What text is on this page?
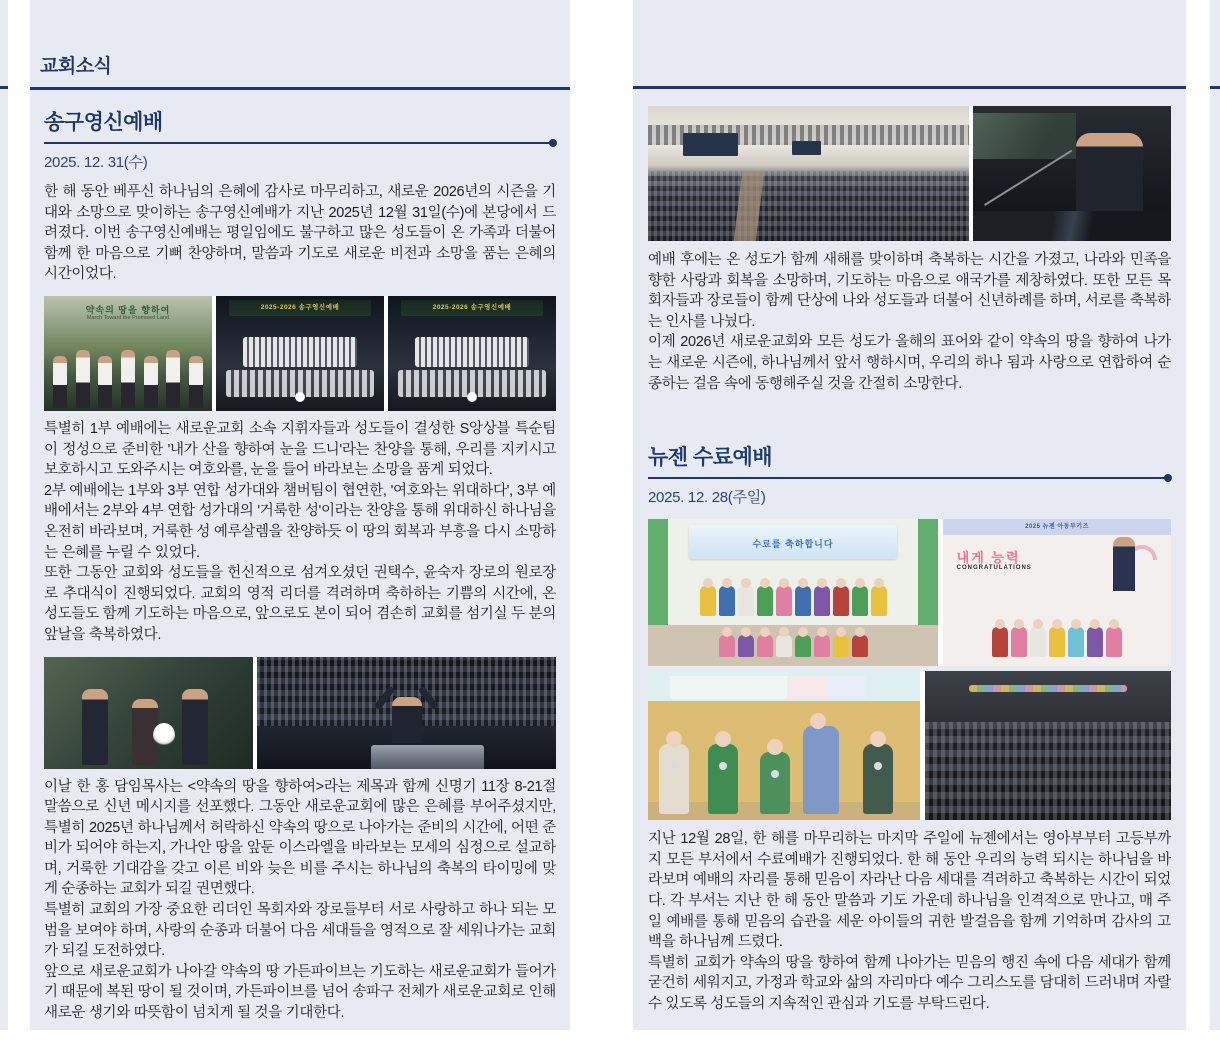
교회소식
송구영신예배
2025. 12. 31(수)

한 해 동안 베푸신 하나님의 은혜에 감사로 마무리하고, 새로운 2026년의 시즌을 기대와 소망으로 맞이하는 송구영신예배가 지난 2025년 12월 31일(수)에 본당에서 드려졌다. 이번 송구영신예배는 평일임에도 불구하고 많은 성도들이 온 가족과 더불어 함께 한 마음으로 기뻐 찬양하며, 말씀과 기도로 새로운 비전과 소망을 품는 은혜의 시간이었다.

약속의 땅을 향하여
March Toward the Promised Land
2025-2026 송구영신예배	2025-2026 송구영신예배

특별히 1부 예배에는 새로운교회 소속 지휘자들과 성도들이 결성한 S앙상블 특순팀이 정성으로 준비한 '내가 산을 향하여 눈을 드니'라는 찬양을 통해, 우리를 지키시고 보호하시고 도와주시는 여호와를, 눈을 들어 바라보는 소망을 품게 되었다.

2부 예배에는 1부와 3부 연합 성가대와 챔버팀이 협연한, '여호와는 위대하다', 3부 예배에서는 2부와 4부 연합 성가대의 '거룩한 성'이라는 찬양을 통해 위대하신 하나님을 온전히 바라보며, 거룩한 성 예루살렘을 찬양하듯 이 땅의 회복과 부흥을 다시 소망하는 은혜를 누릴 수 있었다.

또한 그동안 교회와 성도들을 헌신적으로 섬겨오셨던 권택수, 윤숙자 장로의 원로장로 추대식이 진행되었다. 교회의 영적 리더를 격려하며 축하하는 기쁨의 시간에, 온 성도들도 함께 기도하는 마음으로, 앞으로도 본이 되어 겸손히 교회를 섬기실 두 분의 앞날을 축복하였다.

이날 한 홍 담임목사는 <약속의 땅을 향하여>라는 제목과 함께 신명기 11장 8-21절 말씀으로 신년 메시지를 선포했다. 그동안 새로운교회에 많은 은혜를 부어주셨지만, 특별히 2025년 하나님께서 허락하신 약속의 땅으로 나아가는 준비의 시간에, 어떤 준비가 되어야 하는지, 가나안 땅을 앞둔 이스라엘을 바라보는 모세의 심정으로 설교하며, 거룩한 기대감을 갖고 이른 비와 늦은 비를 주시는 하나님의 축복의 타이밍에 맞게 순종하는 교회가 되길 권면했다.

특별히 교회의 가장 중요한 리더인 목회자와 장로들부터 서로 사랑하고 하나 되는 모범을 보여야 하며, 사랑의 순종과 더불어 다음 세대들을 영적으로 잘 세워나가는 교회가 되길 도전하였다.

앞으로 새로운교회가 나아갈 약속의 땅 가든파이브는 기도하는 새로운교회가 들어가기 때문에 복된 땅이 될 것이며, 가든파이브를 넘어 송파구 전체가 새로운교회로 인해 새로운 생기와 따뜻함이 넘치게 될 것을 기대한다.

예배 후에는 온 성도가 함께 새해를 맞이하며 축복하는 시간을 가졌고, 나라와 민족을 향한 사랑과 회복을 소망하며, 기도하는 마음으로 애국가를 제창하였다. 또한 모든 목회자들과 장로들이 함께 단상에 나와 성도들과 더불어 신년하례를 하며, 서로를 축복하는 인사를 나눴다.

이제 2026년 새로운교회와 모든 성도가 올해의 표어와 같이 약속의 땅을 향하여 나가는 새로운 시즌에, 하나님께서 앞서 행하시며, 우리의 하나 됨과 사랑으로 연합하여 순종하는 걸음 속에 동행해주실 것을 간절히 소망한다.

뉴젠 수료예배
2025. 12. 28(주일)
수료를 축하합니다
2025 뉴젠 아동부키즈
내게 능력
CONGRATULATIONS

지난 12월 28일, 한 해를 마무리하는 마지막 주일에 뉴젠에서는 영아부부터 고등부까지 모든 부서에서 수료예배가 진행되었다. 한 해 동안 우리의 능력 되시는 하나님을 바라보며 예배의 자리를 통해 믿음이 자라난 다음 세대를 격려하고 축복하는 시간이 되었다. 각 부서는 지난 한 해 동안 말씀과 기도 가운데 하나님을 인격적으로 만나고, 매 주일 예배를 통해 믿음의 습관을 세운 아이들의 귀한 발걸음을 함께 기억하며 감사의 고백을 하나님께 드렸다.

특별히 교회가 약속의 땅을 향하여 함께 나아가는 믿음의 행진 속에 다음 세대가 함께 굳건히 세워지고, 가정과 학교와 삶의 자리마다 예수 그리스도를 담대히 드러내며 자랄 수 있도록 성도들의 지속적인 관심과 기도를 부탁드린다.
